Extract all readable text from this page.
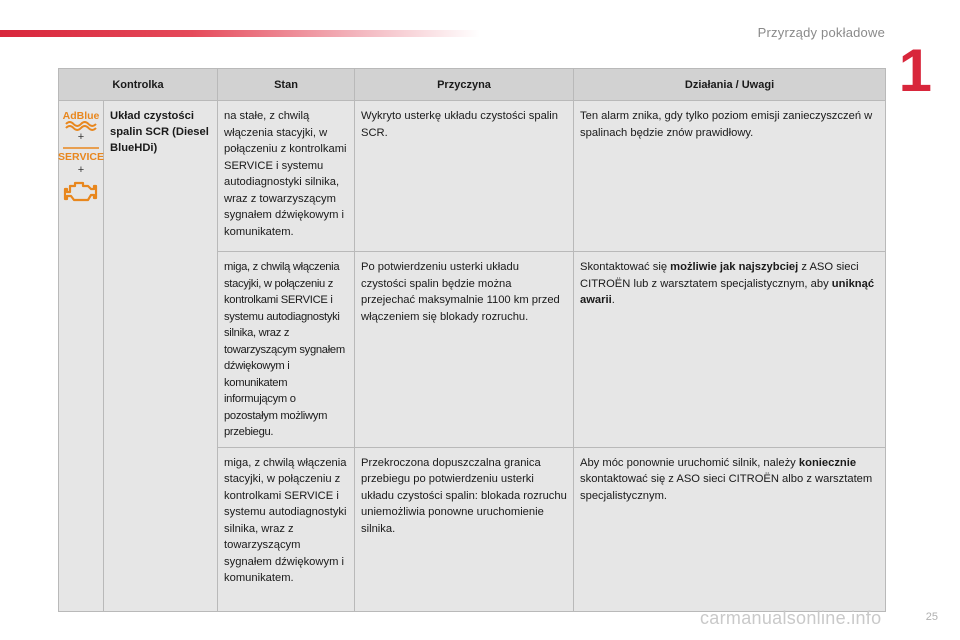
Przyrządy pokładowe
1
Kontrolka		Stan	Przyczyna	Działania / Uwagi

AdBlue
+
SERVICE
+	Układ czystości spalin SCR (Diesel BlueHDi)	na stałe, z chwilą włączenia stacyjki, w połączeniu z kontrolkami SERVICE i systemu autodiagnostyki silnika, wraz z towarzyszącym sygnałem dźwiękowym i komunikatem.	Wykryto usterkę układu czystości spalin SCR.	Ten alarm znika, gdy tylko poziom emisji zanieczyszczeń w spalinach będzie znów prawidłowy.
		miga, z chwilą włączenia stacyjki, w połączeniu z kontrolkami SERVICE i systemu autodiagnostyki silnika, wraz z towarzyszącym sygnałem dźwiękowym i komunikatem informującym o pozostałym możliwym przebiegu.	Po potwierdzeniu usterki układu czystości spalin będzie można przejechać maksymalnie 1100 km przed włączeniem się blokady rozruchu.	Skontaktować się możliwie jak najszybciej z ASO sieci CITROËN lub z warsztatem specjalistycznym, aby uniknąć awarii.
		miga, z chwilą włączenia stacyjki, w połączeniu z kontrolkami SERVICE i systemu autodiagnostyki silnika, wraz z towarzyszącym sygnałem dźwiękowym i komunikatem.	Przekroczona dopuszczalna granica przebiegu po potwierdzeniu usterki układu czystości spalin: blokada rozruchu uniemożliwia ponowne uruchomienie silnika.	Aby móc ponownie uruchomić silnik, należy koniecznie skontaktować się z ASO sieci CITROËN albo z warsztatem specjalistycznym.
carmanualsonline.info	25
